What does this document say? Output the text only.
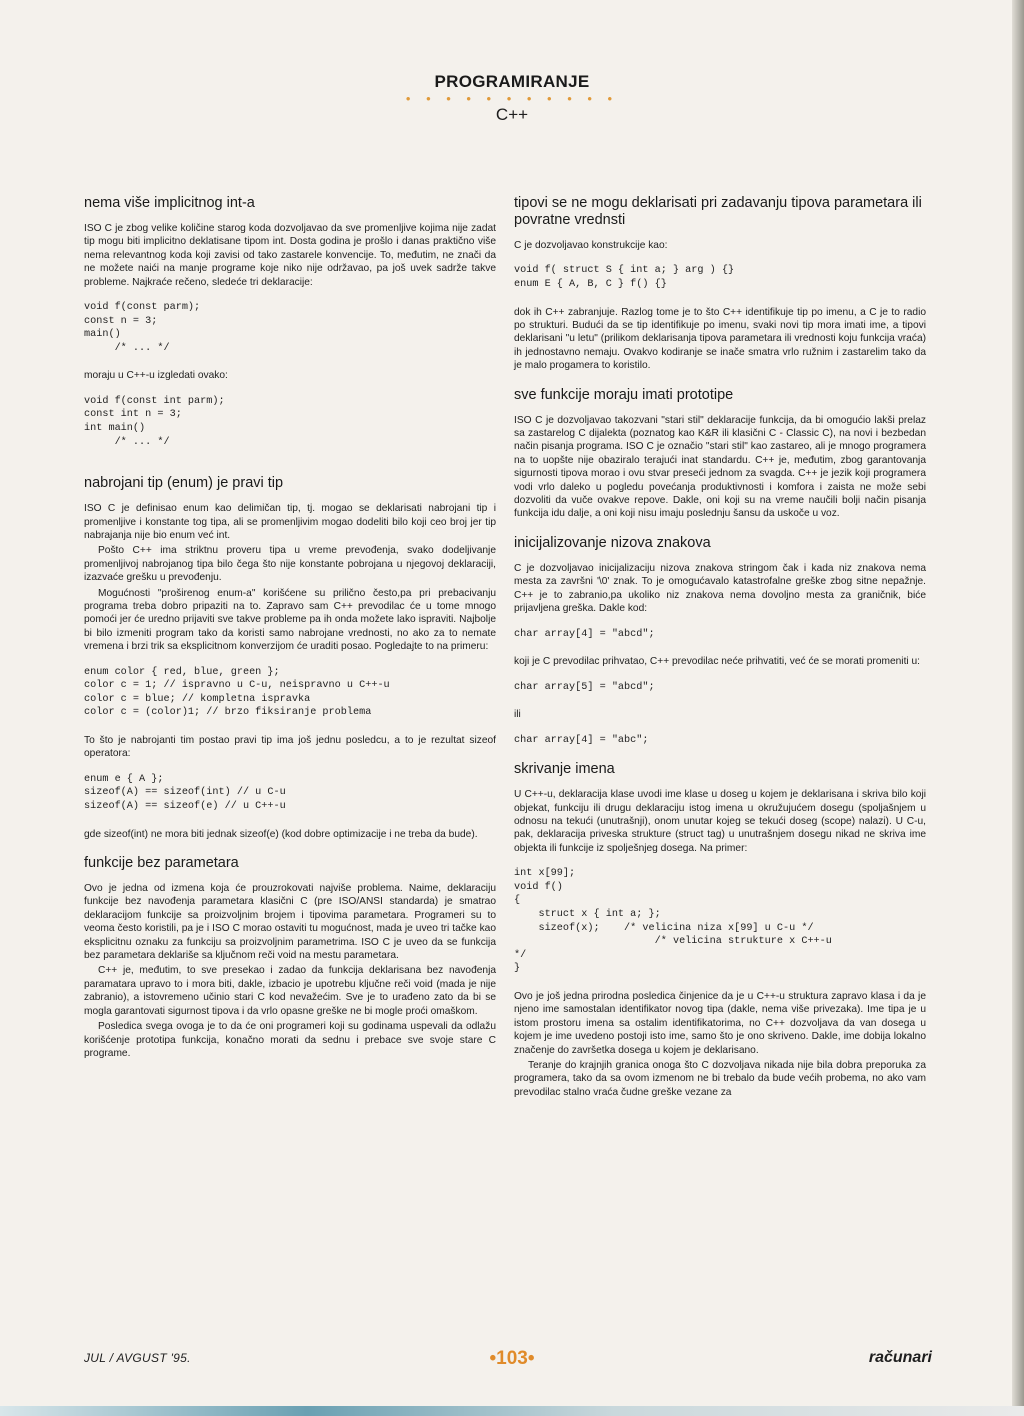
PROGRAMIRANJE
• • • • • • • • • • •
C++
nema više implicitnog int-a

ISO C je zbog velike količine starog koda dozvoljavao da sve promenljive kojima nije zadat tip mogu biti implicitno deklatisane tipom int. Dosta godina je prošlo i danas praktično više nema relevantnog koda koji zavisi od tako zastarele konvencije. To, međutim, ne znači da ne možete naići na manje programe koje niko nije održavao, pa još uvek sadrže takve probleme. Najkraće rečeno, sledeće tri deklaracije:

void f(const parm);
const n = 3;
main()
/* ... */

moraju u C++-u izgledati ovako:

void f(const int parm);
const int n = 3;
int main()
/* ... */
nabrojani tip (enum) je pravi tip

ISO C je definisao enum kao delimičan tip, tj. mogao se deklarisati nabrojani tip i promenljive i konstante tog tipa, ali se promenljivim mogao dodeliti bilo koji ceo broj jer tip nabrajanja nije bio enum već int.

Pošto C++ ima striktnu proveru tipa u vreme prevođenja, svako dodeljivanje promenljivoj nabrojanog tipa bilo čega što nije konstante pobrojana u njegovoj deklaraciji, izazvaće grešku u prevođenju.

Mogućnosti "proširenog enum-a" korišćene su prilično često,pa pri prebacivanju programa treba dobro pripaziti na to. Zapravo sam C++ prevodilac će u tome mnogo pomoći jer će uredno prijaviti sve takve probleme pa ih onda možete lako ispraviti. Najbolje bi bilo izmeniti program tako da koristi samo nabrojane vrednosti, no ako za to nemate vremena i brzi trik sa eksplicitnom konverzijom će uraditi posao. Pogledajte to na primeru:

enum color { red, blue, green };
color c = 1; // ispravno u C-u, neispravno u C++-u
color c = blue; // kompletna ispravka
color c = (color)1; // brzo fiksiranje problema

To što je nabrojanti tim postao pravi tip ima još jednu posledcu, a to je rezultat sizeof operatora:

enum e { A };
sizeof(A) == sizeof(int) // u C-u
sizeof(A) == sizeof(e) // u C++-u

gde sizeof(int) ne mora biti jednak sizeof(e) (kod dobre optimizacije i ne treba da bude).

funkcije bez parametara

Ovo je jedna od izmena koja će prouzrokovati najviše problema. Naime, deklaraciju funkcije bez navođenja parametara klasični C (pre ISO/ANSI standarda) je smatrao deklaracijom funkcije sa proizvoljnim brojem i tipovima parametara. Programeri su to veoma često koristili, pa je i ISO C morao ostaviti tu mogućnost, mada je uveo tri tačke kao eksplicitnu oznaku za funkciju sa proizvoljnim parametrima. ISO C je uveo da se funkcija bez parametara deklariše sa ključnom reči void na mestu parametara.

C++ je, međutim, to sve presekao i zadao da funkcija deklarisana bez navođenja paramatara upravo to i mora biti, dakle, izbacio je upotrebu ključne reči void (mada je nije zabranio), a istovremeno učinio stari C kod nevažećim. Sve je to urađeno zato da bi se mogla garantovati sigurnost tipova i da vrlo opasne greške ne bi mogle proći omaškom.

Posledica svega ovoga je to da će oni programeri koji su godinama uspevali da odlažu korišćenje prototipa funkcija, konačno morati da sednu i prebace sve svoje stare C programe.

tipovi se ne mogu deklarisati pri zadavanju tipova parametara ili povratne vrednsti

C je dozvoljavao konstrukcije kao:

void f( struct S { int a; } arg ) {}
enum E { A, B, C } f() {}

dok ih C++ zabranjuje. Razlog tome je to što C++ identifikuje tip po imenu, a C je to radio po strukturi. Budući da se tip identifikuje po imenu, svaki novi tip mora imati ime, a tipovi deklarisani "u letu" (prilikom deklarisanja tipova parametara ili vrednosti koju funkcija vraća) ih jednostavno nemaju. Ovakvo kodiranje se inače smatra vrlo ružnim i zastarelim tako da je malo progamera to koristilo.

sve funkcije moraju imati prototipe

ISO C je dozvoljavao takozvani "stari stil" deklaracije funkcija, da bi omogućio lakši prelaz sa zastarelog C dijalekta (poznatog kao K&R ili klasični C - Classic C), na novi i bezbedan način pisanja programa. ISO C je označio "stari stil" kao zastareo, ali je mnogo programera na to uopšte nije obaziralo terajući inat standardu. C++ je, međutim, zbog garantovanja sigurnosti tipova morao i ovu stvar preseći jednom za svagda. C++ je jezik koji programera vodi vrlo daleko u pogledu povećanja produktivnosti i komfora i zaista ne može sebi dozvoliti da vuče ovakve repove. Dakle, oni koji su na vreme naučili bolji način pisanja funkcija idu dalje, a oni koji nisu imaju poslednju šansu da uskoče u voz.

inicijalizovanje nizova znakova

C je dozvoljavao inicijalizaciju nizova znakova stringom čak i kada niz znakova nema mesta za završni '\0' znak. To je omogućavalo katastrofalne greške zbog sitne nepažnje. C++ je to zabranio,pa ukoliko niz znakova nema dovoljno mesta za graničnik, biće prijavljena greška. Dakle kod:

char array[4] = "abcd";

koji je C prevodilac prihvatao, C++ prevodilac neće prihvatiti, već će se morati promeniti u:

char array[5] = "abcd";

ili

char array[4] = "abc";
skrivanje imena

U C++-u, deklaracija klase uvodi ime klase u doseg u kojem je deklarisana i skriva bilo koji objekat, funkciju ili drugu deklaraciju istog imena u okružujućem dosegu (spoljašnjem u odnosu na tekući (unutrašnji), onom unutar kojeg se tekući doseg (scope) nalazi). U C-u, pak, deklaracija priveska strukture (struct tag) u unutrašnjem dosegu nikad ne skriva ime objekta ili funkcije iz spolješnjeg dosega. Na primer:

int x[99];
void f()
{
struct x { int a; };
sizeof(x);    /* velicina niza x[99] u C-u */
/* velicina strukture x C++-u
*/
}

Ovo je još jedna prirodna posledica činjenice da je u C++-u struktura zapravo klasa i da je njeno ime samostalan identifikator novog tipa (dakle, nema više privezaka). Ime tipa je u istom prostoru imena sa ostalim identifikatorima, no C++ dozvoljava da van dosega u kojem je ime uvedeno postoji isto ime, samo što je ono skriveno. Dakle, ime dobija lokalno značenje do završetka dosega u kojem je deklarisano.

Teranje do krajnjih granica onoga što C dozvoljava nikada nije bila dobra preporuka za programera, tako da sa ovom izmenom ne bi trebalo da bude većih probema, no ako vam prevodilac stalno vraća čudne greške vezane za

JUL / AVGUST '95.	•103•	računari
